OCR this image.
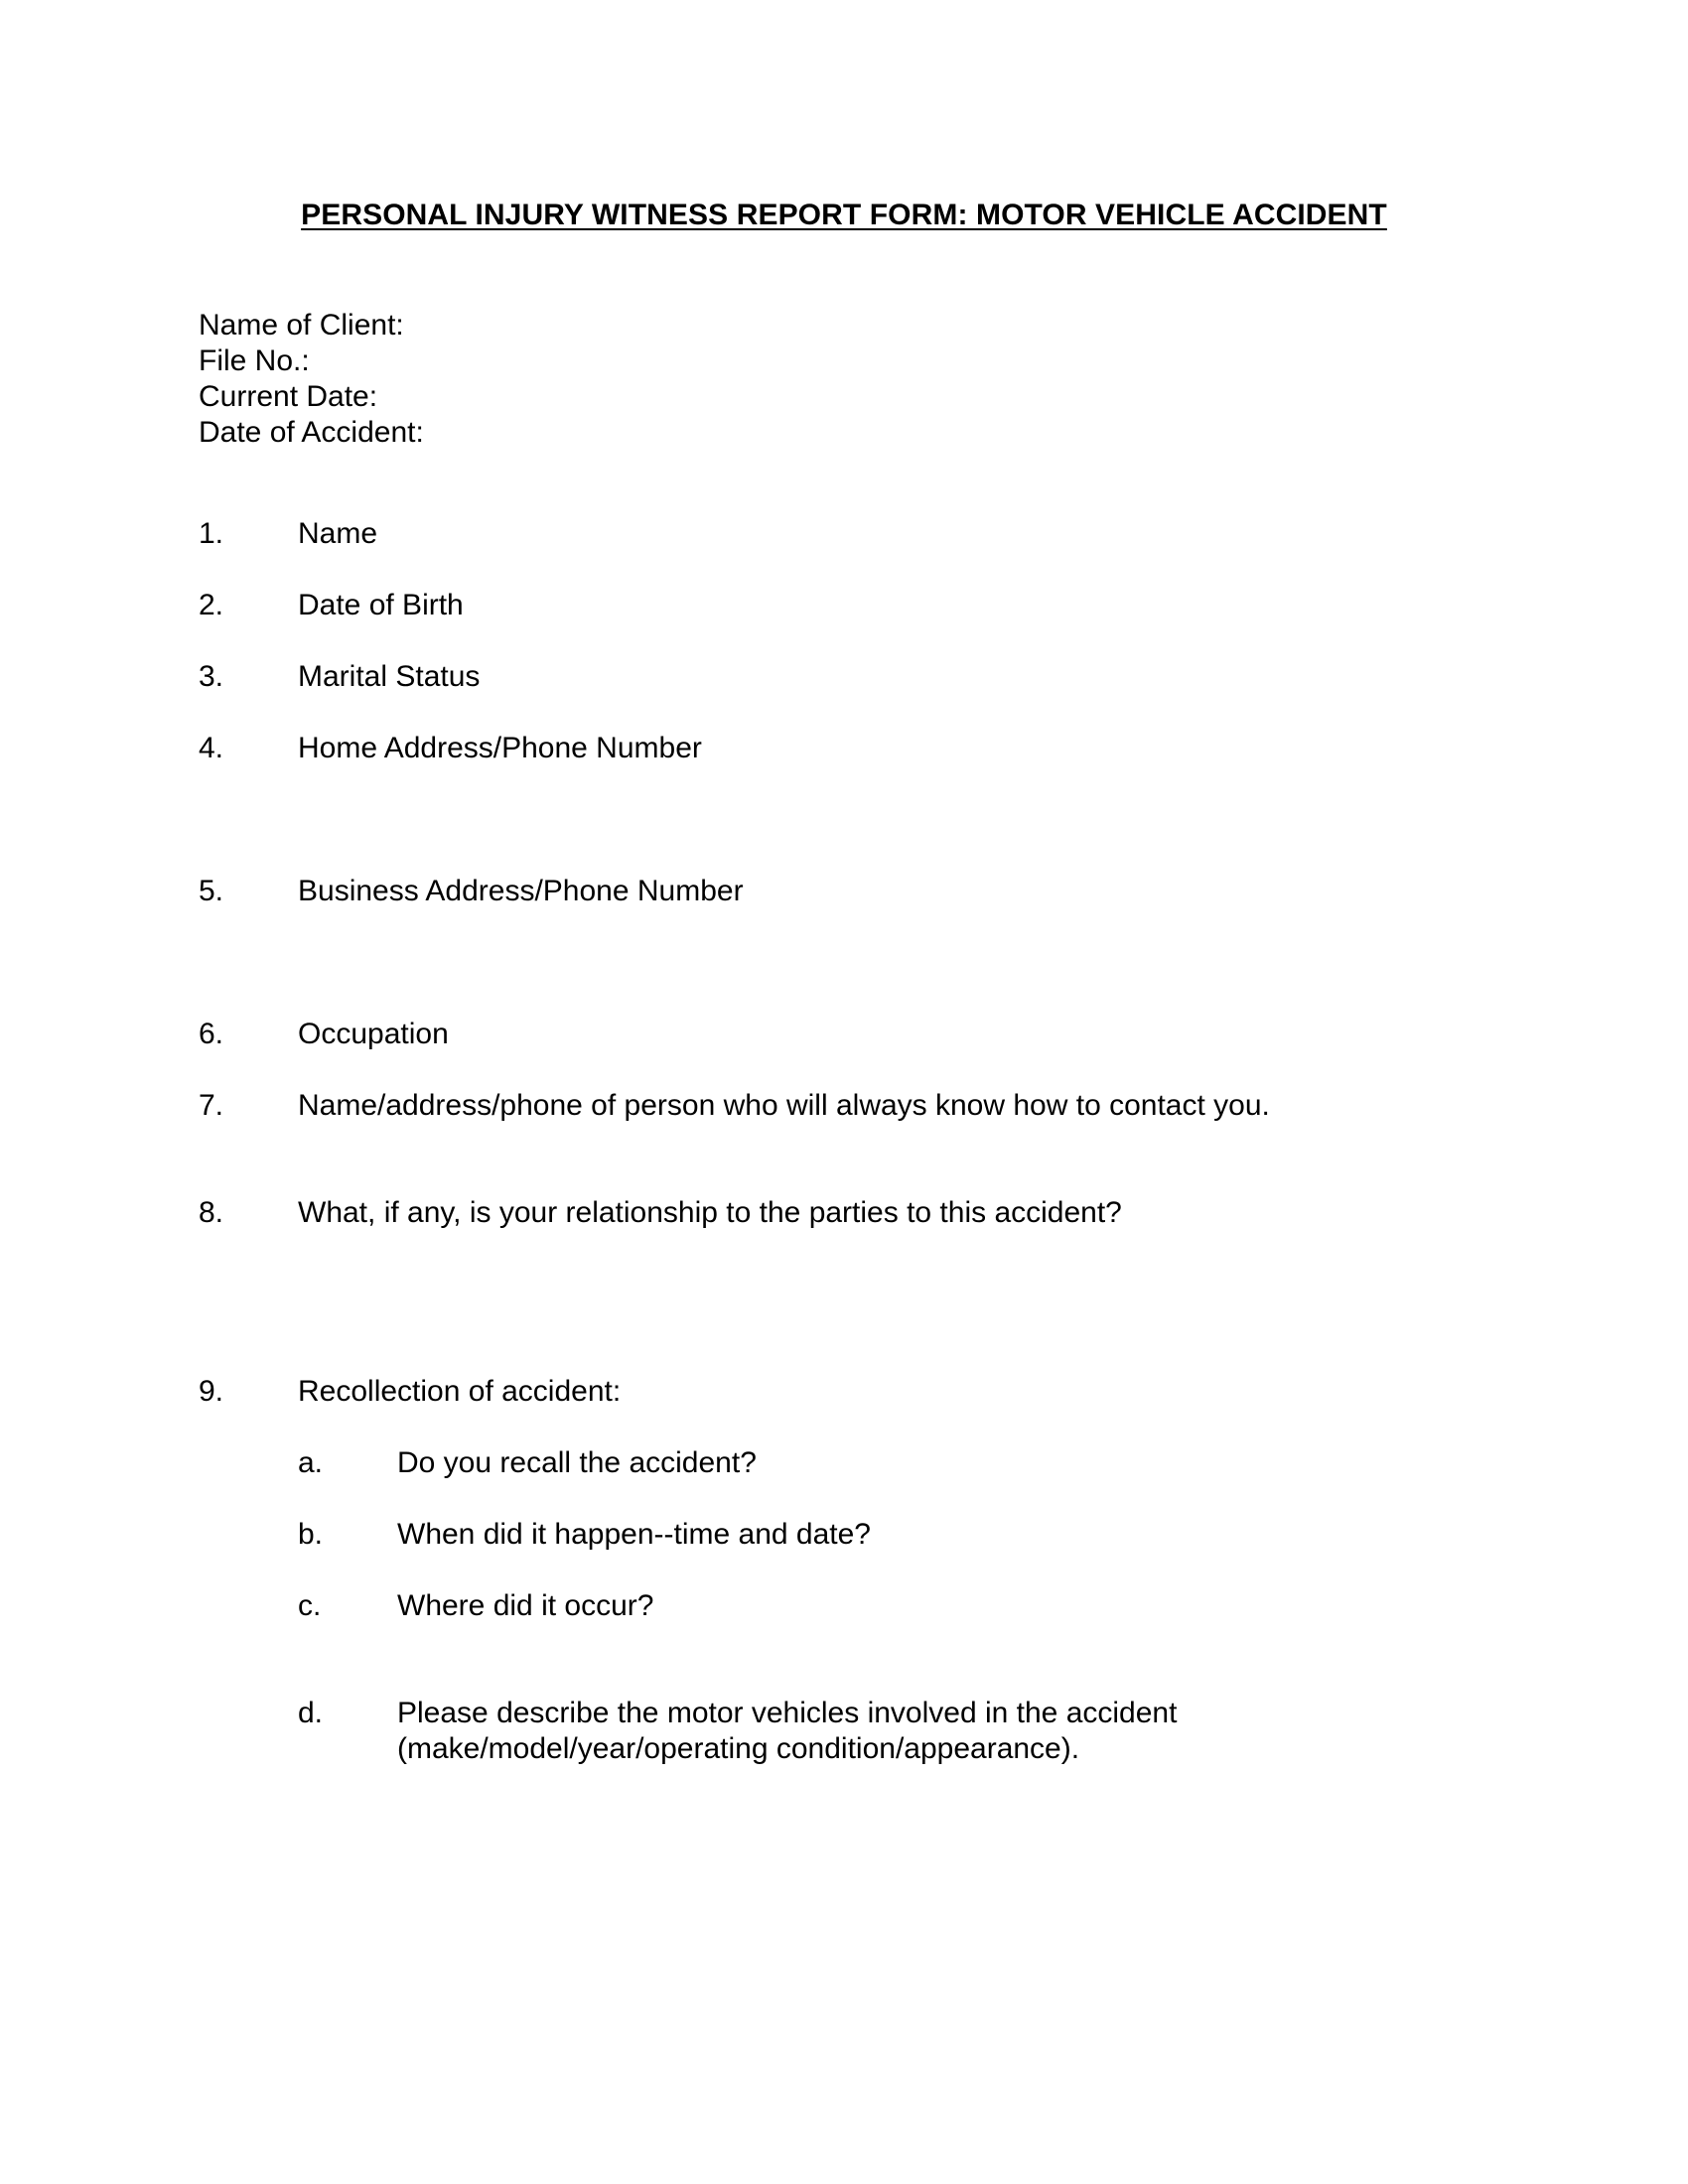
PERSONAL INJURY WITNESS REPORT FORM: MOTOR VEHICLE ACCIDENT
Name of Client:
File No.:
Current Date:
Date of Accident:
1. Name
2. Date of Birth
3. Marital Status
4. Home Address/Phone Number
5. Business Address/Phone Number
6. Occupation
7. Name/address/phone of person who will always know how to contact you.
8. What, if any, is your relationship to the parties to this accident?
9. Recollection of accident:
a. Do you recall the accident?
b. When did it happen--time and date?
c.	Where did it occur?
d. Please describe the motor vehicles involved in the accident
(make/model/year/operating condition/appearance).
